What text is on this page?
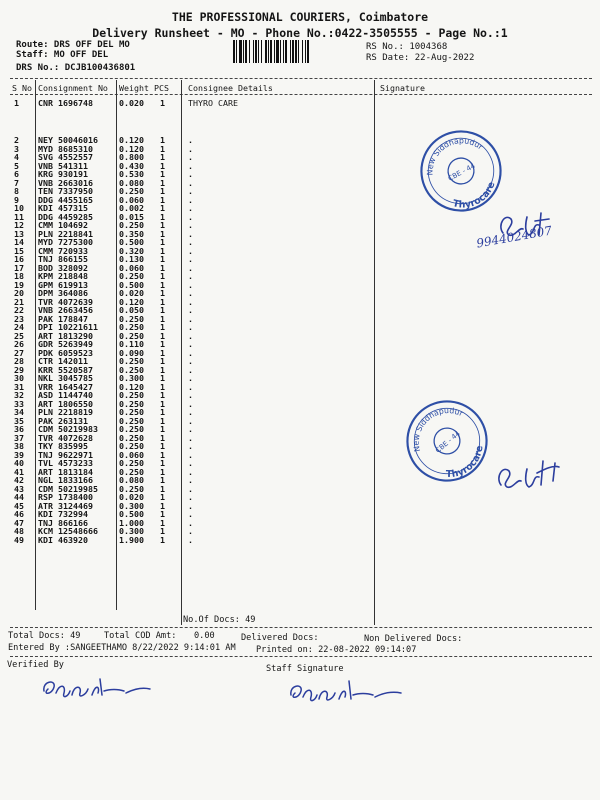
THE PROFESSIONAL COURIERS, Coimbatore
Delivery Runsheet - MO - Phone No.:0422-3505555 - Page No.:1
Route: DRS OFF DEL MO
Staff: MO OFF DEL
DRS No.: DCJB100436801
RS No.: 1004368
RS Date: 22-Aug-2022
S No Consignment No Weight PCS Consignee Details	Signature
1 CNR 1696748	0.020 1	THYRO CARE
2 NEY 50046016	0.120 1	.
3 MYD 8685310	0.120 1	.
4 SVG 4552557	0.800 1	.
5 VNB 541311	0.430 1	.
6 KRG 930191	0.530 1	.
7 VNB 2663016	0.080 1	.
8 TEN 7337950	0.250 1	.
9 DDG 4455165	0.060 1	.
10 KDI 457315	0.002 1	.
11 DDG 4459285	0.015 1	.
12 CMM 104692	0.250 1	.
13 PLN 2218841	0.350 1	.
14 MYD 7275300	0.500 1	.
15 CMM 720933	0.320 1	.
16 TNJ 866155	0.130 1	.
17 BOD 328092	0.060 1	.
18 KPM 218848	0.250 1	.
19 GPM 619913	0.500 1	.
20 DPM 364086	0.020 1	.
21 TVR 4072639	0.120 1	.
22 VNB 2663456	0.050 1	.
23 PAK 178847	0.250 1	.
24 DPI 10221611	0.250 1	.
25 ART 1813290	0.250 1	.
26 GDR 5263949	0.110 1	.
27 PDK 6059523	0.090 1	.
28 CTR 142011	0.250 1	.
29 KRR 5520587	0.250 1	.
30 NKL 3045785	0.300 1	.
31 VRR 1645427	0.120 1	.
32 ASD 1144740	0.250 1	.
33 ART 1806550	0.250 1	.
34 PLN 2218819	0.250 1	.
35 PAK 263131	0.250 1	.
36 CDM 50219983	0.250 1	.
37 TVR 4072628	0.250 1	.
38 TKY 835995	0.250 1	.
39 TNJ 9622971	0.060 1	.
40 TVL 4573233	0.250 1	.
41 ART 1813184	0.250 1	.
42 NGL 1833166	0.080 1	.
43 CDM 50219985	0.250 1	.
44 RSP 1738400	0.020 1	.
45 ATR 3124469	0.300 1	.
46 KDI 732994	0.500 1	.
47 TNJ 866166	1.000 1	.
48 KCM 12548666	0.300 1	.
49 KDI 463920	1.900 1	.
No.Of Docs: 49
Total Docs: 49	Total COD Amt: 0.00	Delivered Docs:	Non Delivered Docs:
Entered By :SANGEETHAMO 8/22/2022 9:14:01 AM Printed on: 22-08-2022 09:14:07
Verified By	Staff Signature
New Siddhapudur
Thyrocare
CBE - 44
New Siddhapudur
Thyrocare
CBE - 44
9944024807
